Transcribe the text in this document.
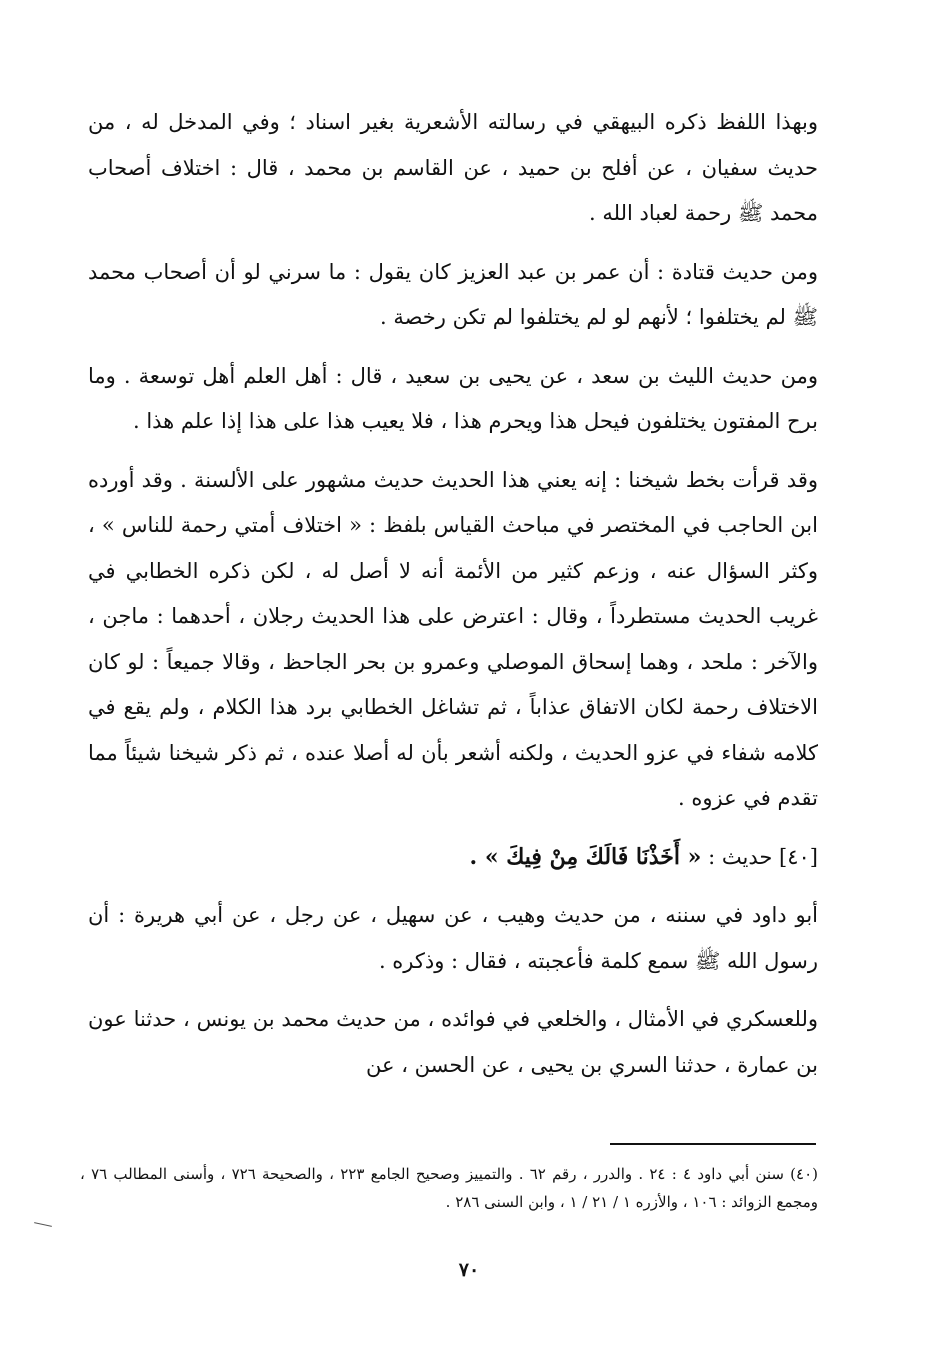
وبهذا اللفظ ذكره البيهقي في رسالته الأشعرية بغير اسناد ؛ وفي المدخل له ، من حديث سفيان ، عن أفلح بن حميد ، عن القاسم بن محمد ، قال : اختلاف أصحاب محمد ﷺ رحمة لعباد الله .

ومن حديث قتادة : أن عمر بن عبد العزيز كان يقول : ما سرني لو أن أصحاب محمد ﷺ لم يختلفوا ؛ لأنهم لو لم يختلفوا لم تكن رخصة .

ومن حديث الليث بن سعد ، عن يحيى بن سعيد ، قال : أهل العلم أهل توسعة . وما برح المفتون يختلفون فيحل هذا ويحرم هذا ، فلا يعيب هذا على هذا إذا علم هذا .

وقد قرأت بخط شيخنا : إنه يعني هذا الحديث حديث مشهور على الألسنة . وقد أورده ابن الحاجب في المختصر في مباحث القياس بلفظ : « اختلاف أمتي رحمة للناس » ، وكثر السؤال عنه ، وزعم كثير من الأئمة أنه لا أصل له ، لكن ذكره الخطابي في غريب الحديث مستطرداً ، وقال : اعترض على هذا الحديث رجلان ، أحدهما : ماجن ، والآخر : ملحد ، وهما إسحاق الموصلي وعمرو بن بحر الجاحظ ، وقالا جميعاً : لو كان الاختلاف رحمة لكان الاتفاق عذاباً ، ثم تشاغل الخطابي برد هذا الكلام ، ولم يقع في كلامه شفاء في عزو الحديث ، ولكنه أشعر بأن له أصلا عنده ، ثم ذكر شيخنا شيئاً مما تقدم في عزوه .

[٤٠] حديث : « أَخَذْنَا فَالَكَ مِنْ فِيكَ » .

أبو داود في سننه ، من حديث وهيب ، عن سهيل ، عن رجل ، عن أبي هريرة : أن رسول الله ﷺ سمع كلمة فأعجبته ، فقال : وذكره .

وللعسكري في الأمثال ، والخلعي في فوائده ، من حديث محمد بن يونس ، حدثنا عون بن عمارة ، حدثنا السري بن يحيى ، عن الحسن ، عن

(٤٠) سنن أبي داود ٤ : ٢٤ . والدرر ، رقم ٦٢ . والتمييز وصحيح الجامع ٢٢٣ ، والصحيحة ٧٢٦ ، وأسنى المطالب ٧٦ ، ومجمع الزوائد : ١٠٦ ، والأزره ١ / ٢١ / ١ ، وابن السنى ٢٨٦ .

٧٠
